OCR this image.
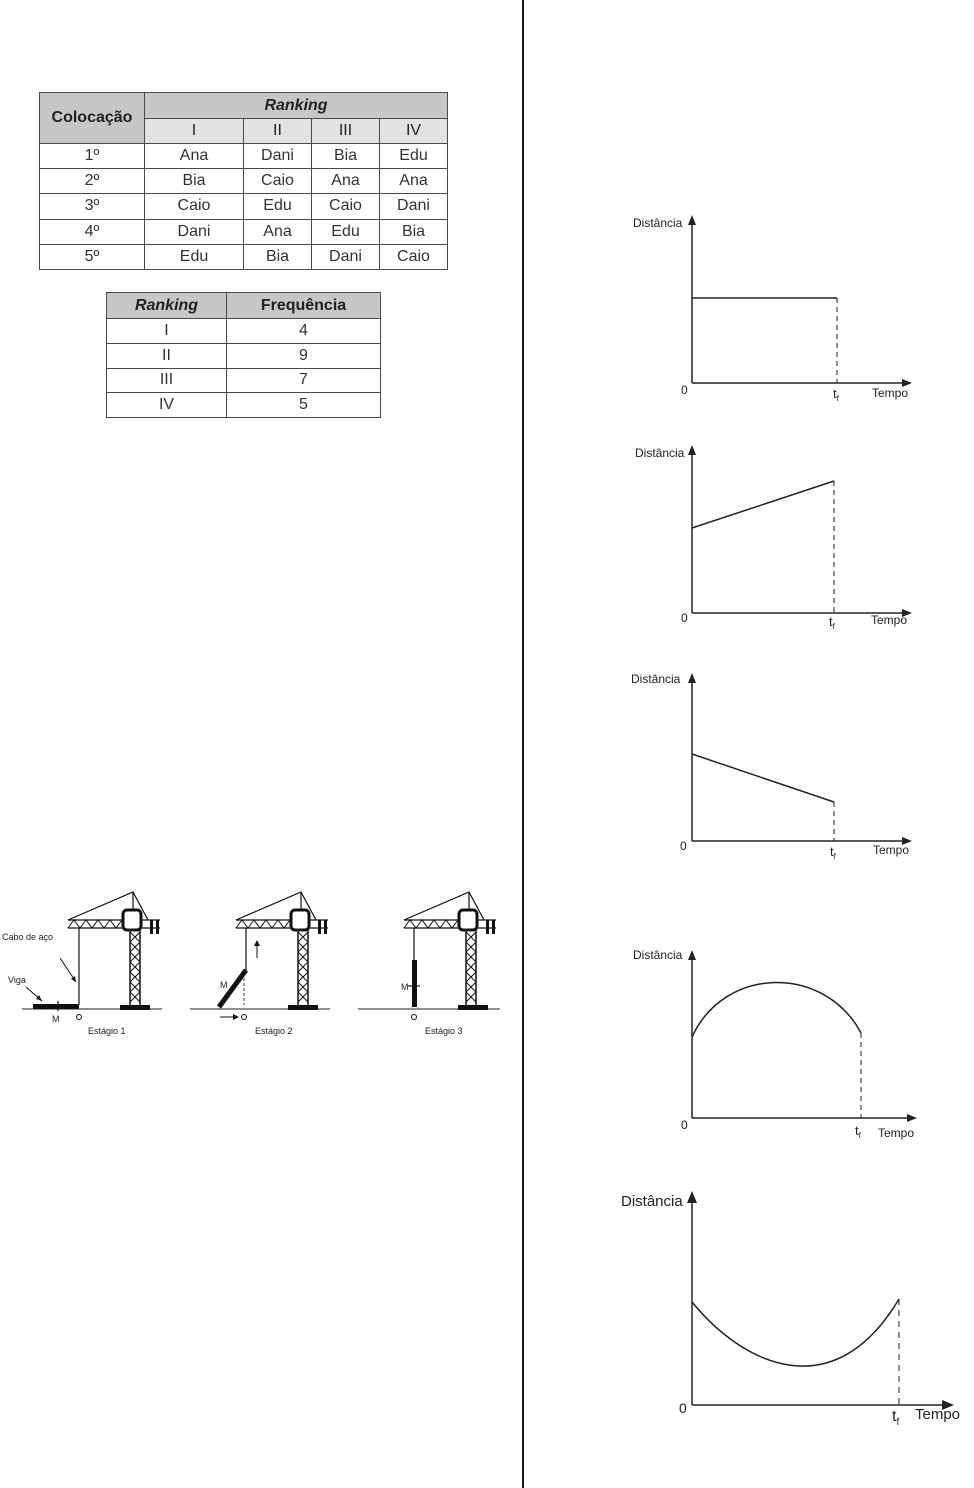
Colocação	Ranking			
	I	II	III	IV
1º	Ana	Dani	Bia	Edu
2º	Bia	Caio	Ana	Ana
3º	Caio	Edu	Caio	Dani
4º	Dani	Ana	Edu	Bia
5º	Edu	Bia	Dani	Caio
Ranking	Frequência
I	4
II	9
III	7
IV	5
Cabo de aço
Viga
M
Estágio 1
M
Estágio 2
M
Estágio 3
Distância
0	$t_f$	Tempo
Distância
0	$t_f$	Tempo
Distância
0	$t_f$	Tempo
Distância
0	$t_f$ Tempo
Distância
0	$t_f$ Tempo
